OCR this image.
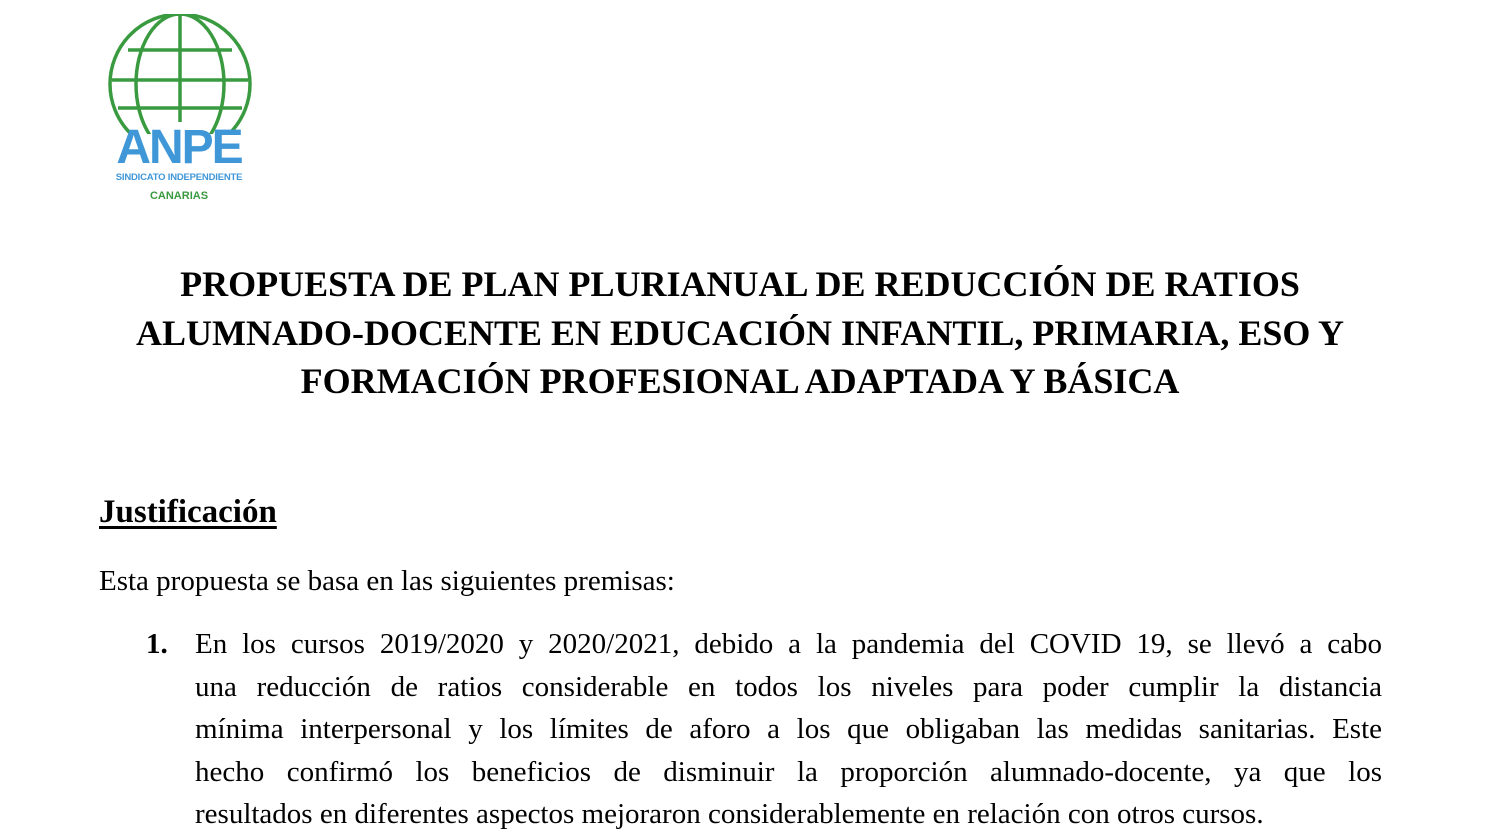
ANPE
SINDICATO INDEPENDIENTE
CANARIAS
PROPUESTA DE PLAN PLURIANUAL DE REDUCCIÓN DE RATIOS
ALUMNADO-DOCENTE EN EDUCACIÓN INFANTIL, PRIMARIA, ESO Y
FORMACIÓN PROFESIONAL ADAPTADA Y BÁSICA
Justificación

Esta propuesta se basa en las siguientes premisas:

1. En los cursos 2019/2020 y 2020/2021, debido a la pandemia del COVID 19, se llevó a cabo
una reducción de ratios considerable en todos los niveles para poder cumplir la distancia
mínima interpersonal y los límites de aforo a los que obligaban las medidas sanitarias. Este
hecho confirmó los beneficios de disminuir la proporción alumnado-docente, ya que los
resultados en diferentes aspectos mejoraron considerablemente en relación con otros cursos.
